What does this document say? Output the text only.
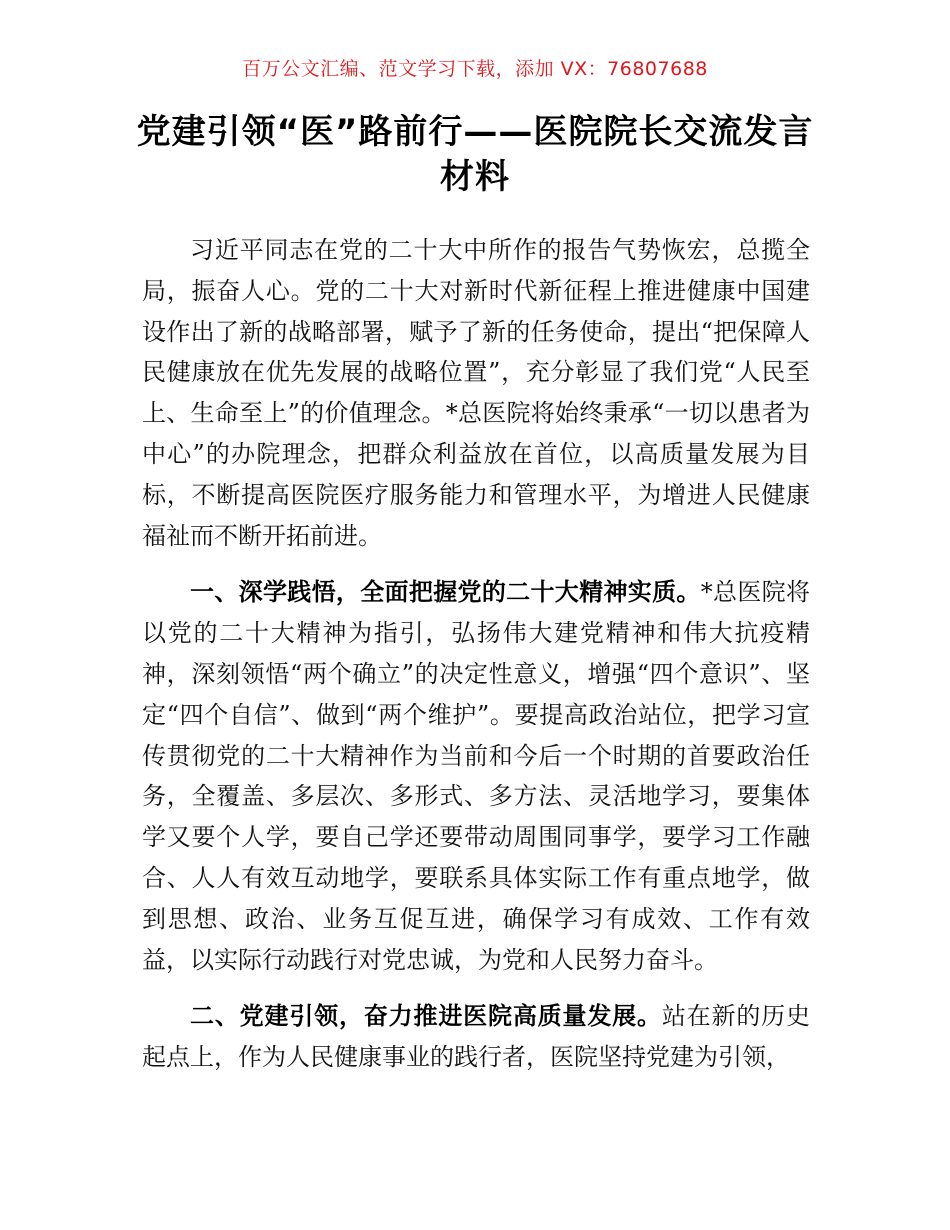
百万公文汇编、范文学习下载，添加 VX：76807688
党建引领“医”路前行——医院院长交流发言材料

习近平同志在党的二十大中所作的报告气势恢宏，总揽全局，振奋人心。党的二十大对新时代新征程上推进健康中国建设作出了新的战略部署，赋予了新的任务使命，提出“把保障人民健康放在优先发展的战略位置”，充分彰显了我们党“人民至上、生命至上”的价值理念。*总医院将始终秉承“一切以患者为中心”的办院理念，把群众利益放在首位，以高质量发展为目标，不断提高医院医疗服务能力和管理水平，为增进人民健康福祉而不断开拓前进。

一、深学践悟，全面把握党的二十大精神实质。*总医院将以党的二十大精神为指引，弘扬伟大建党精神和伟大抗疫精神，深刻领悟“两个确立”的决定性意义，增强“四个意识”、坚定“四个自信”、做到“两个维护”。要提高政治站位，把学习宣传贯彻党的二十大精神作为当前和今后一个时期的首要政治任务，全覆盖、多层次、多形式、多方法、灵活地学习，要集体学又要个人学，要自己学还要带动周围同事学，要学习工作融合、人人有效互动地学，要联系具体实际工作有重点地学，做到思想、政治、业务互促互进，确保学习有成效、工作有效益，以实际行动践行对党忠诚，为党和人民努力奋斗。

二、党建引领，奋力推进医院高质量发展。站在新的历史起点上，作为人民健康事业的践行者，医院坚持党建为引领，
